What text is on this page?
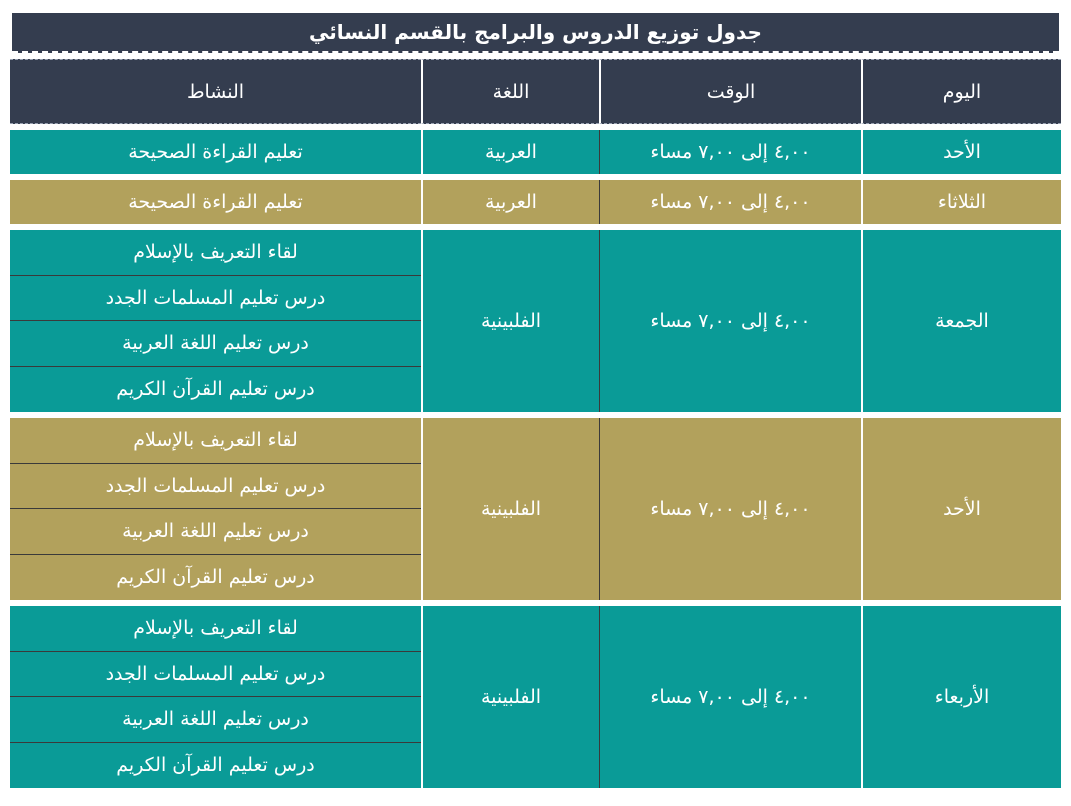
جدول توزيع الدروس والبرامج بالقسم النسائي
اليوم	الوقت	اللغة	النشاط

الأحد	٤,٠٠ إلى ٧,٠٠ مساء	العربية	تعليم القراءة الصحيحة

الثلاثاء	٤,٠٠ إلى ٧,٠٠ مساء	العربية	تعليم القراءة الصحيحة

الجمعة	٤,٠٠ إلى ٧,٠٠ مساء	الفلبينية	لقاء التعريف بالإسلام
			درس تعليم المسلمات الجدد
			درس تعليم اللغة العربية
			درس تعليم القرآن الكريم

الأحد	٤,٠٠ إلى ٧,٠٠ مساء	الفلبينية	لقاء التعريف بالإسلام
			درس تعليم المسلمات الجدد
			درس تعليم اللغة العربية
			درس تعليم القرآن الكريم

الأربعاء	٤,٠٠ إلى ٧,٠٠ مساء	الفلبينية	لقاء التعريف بالإسلام
			درس تعليم المسلمات الجدد
			درس تعليم اللغة العربية
			درس تعليم القرآن الكريم
